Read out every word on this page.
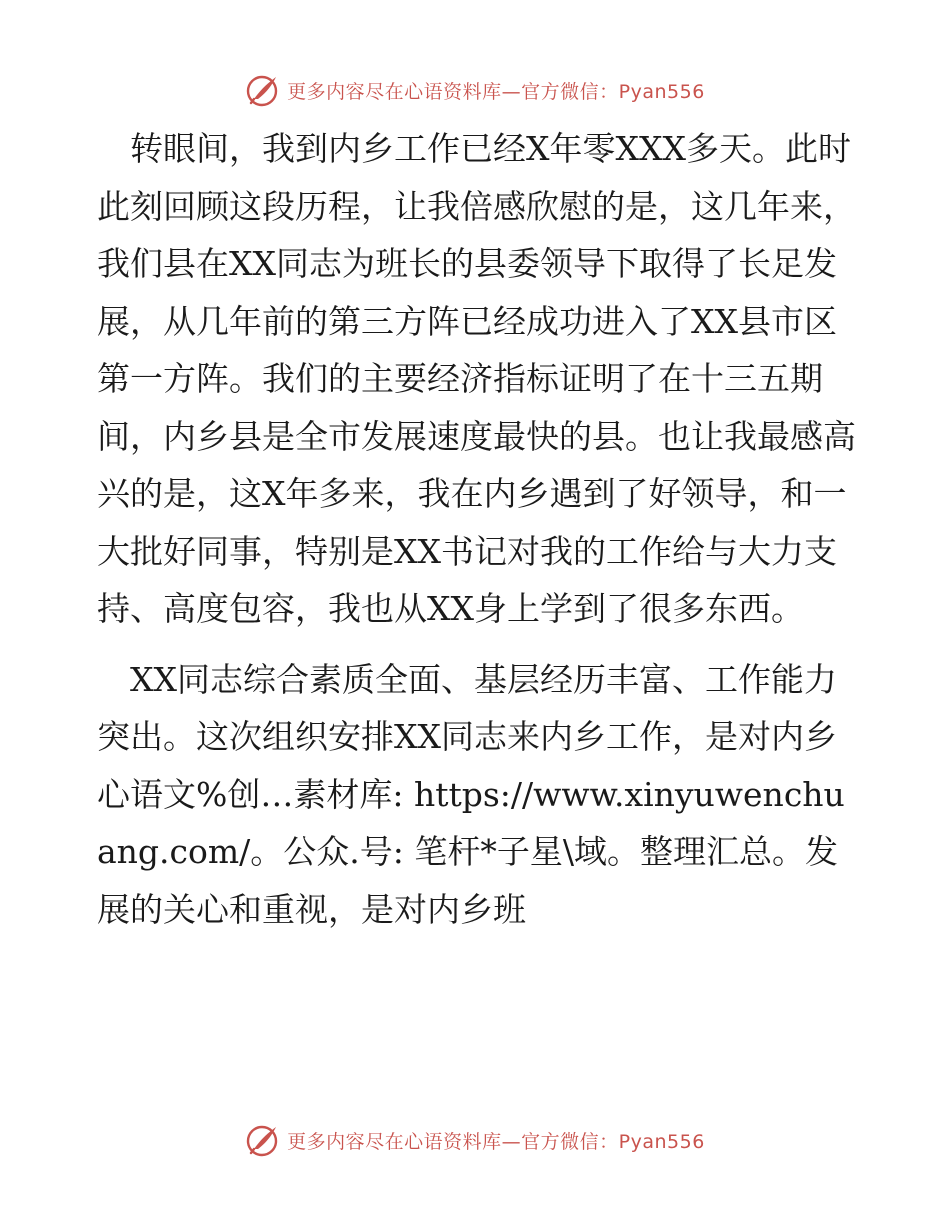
更多内容尽在心语资料库—官方微信：Pyan556

　转眼间，我到内乡工作已经X年零XXX多天。此时此刻回顾这段历程，让我倍感欣慰的是，这几年来，我们县在XX同志为班长的县委领导下取得了长足发展，从几年前的第三方阵已经成功进入了XX县市区第一方阵。我们的主要经济指标证明了在十三五期间，内乡县是全市发展速度最快的县。也让我最感高兴的是，这X年多来，我在内乡遇到了好领导，和一大批好同事，特别是XX书记对我的工作给与大力支持、高度包容，我也从XX身上学到了很多东西。

　XX同志综合素质全面、基层经历丰富、工作能力突出。这次组织安排XX同志来内乡工作，是对内乡心语文%创…素材库: https://www.xinyuwenchuang.com/。公众.号: 笔杆*子星\域。整理汇总。发展的关心和重视，是对内乡班

更多内容尽在心语资料库—官方微信：Pyan556
